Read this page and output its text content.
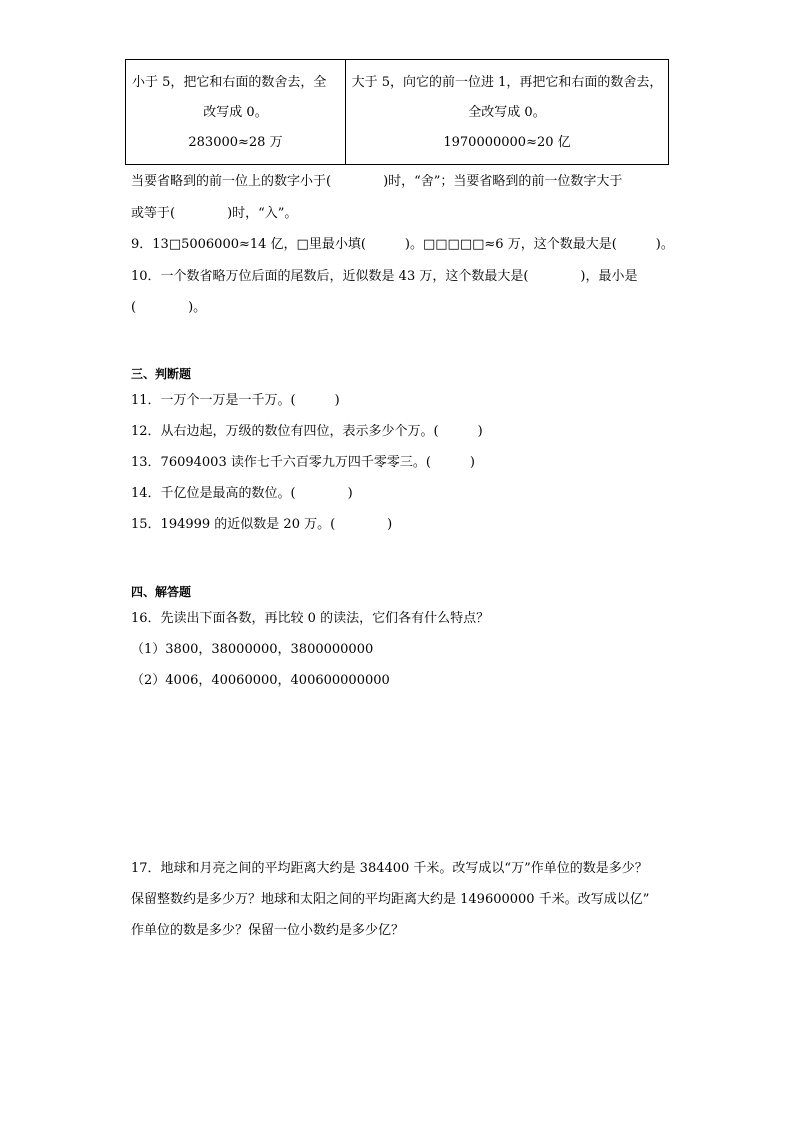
小于 5，把它和右面的数舍去，全
改写成 0。
283000≈28 万

大于 5，向它的前一位进 1，再把它和右面的数舍去，
全改写成 0。
1970000000≈20 亿
当要省略到的前一位上的数字小于(　　　　)时，“舍”；当要省略到的前一位数字大于
或等于(　　　　)时，“入”。
9．13□5006000≈14 亿，□里最小填(　　　)。□□□□□≈6 万，这个数最大是(　　　)。
10．一个数省略万位后面的尾数后，近似数是 43 万，这个数最大是(　　　　)，最小是
(　　　　)。
三、判断题
11．一万个一万是一千万。(　　　)
12．从右边起，万级的数位有四位，表示多少个万。(　　　)
13．76094003 读作七千六百零九万四千零零三。(　　　)
14．千亿位是最高的数位。(　　　　)
15．194999 的近似数是 20 万。(　　　　)
四、解答题
16．先读出下面各数，再比较 0 的读法，它们各有什么特点？
（1）3800，38000000，3800000000
（2）4006，40060000，400600000000
17．地球和月亮之间的平均距离大约是 384400 千米。改写成以“万”作单位的数是多少？
保留整数约是多少万？地球和太阳之间的平均距离大约是 149600000 千米。改写成以亿”
作单位的数是多少？保留一位小数约是多少亿？
